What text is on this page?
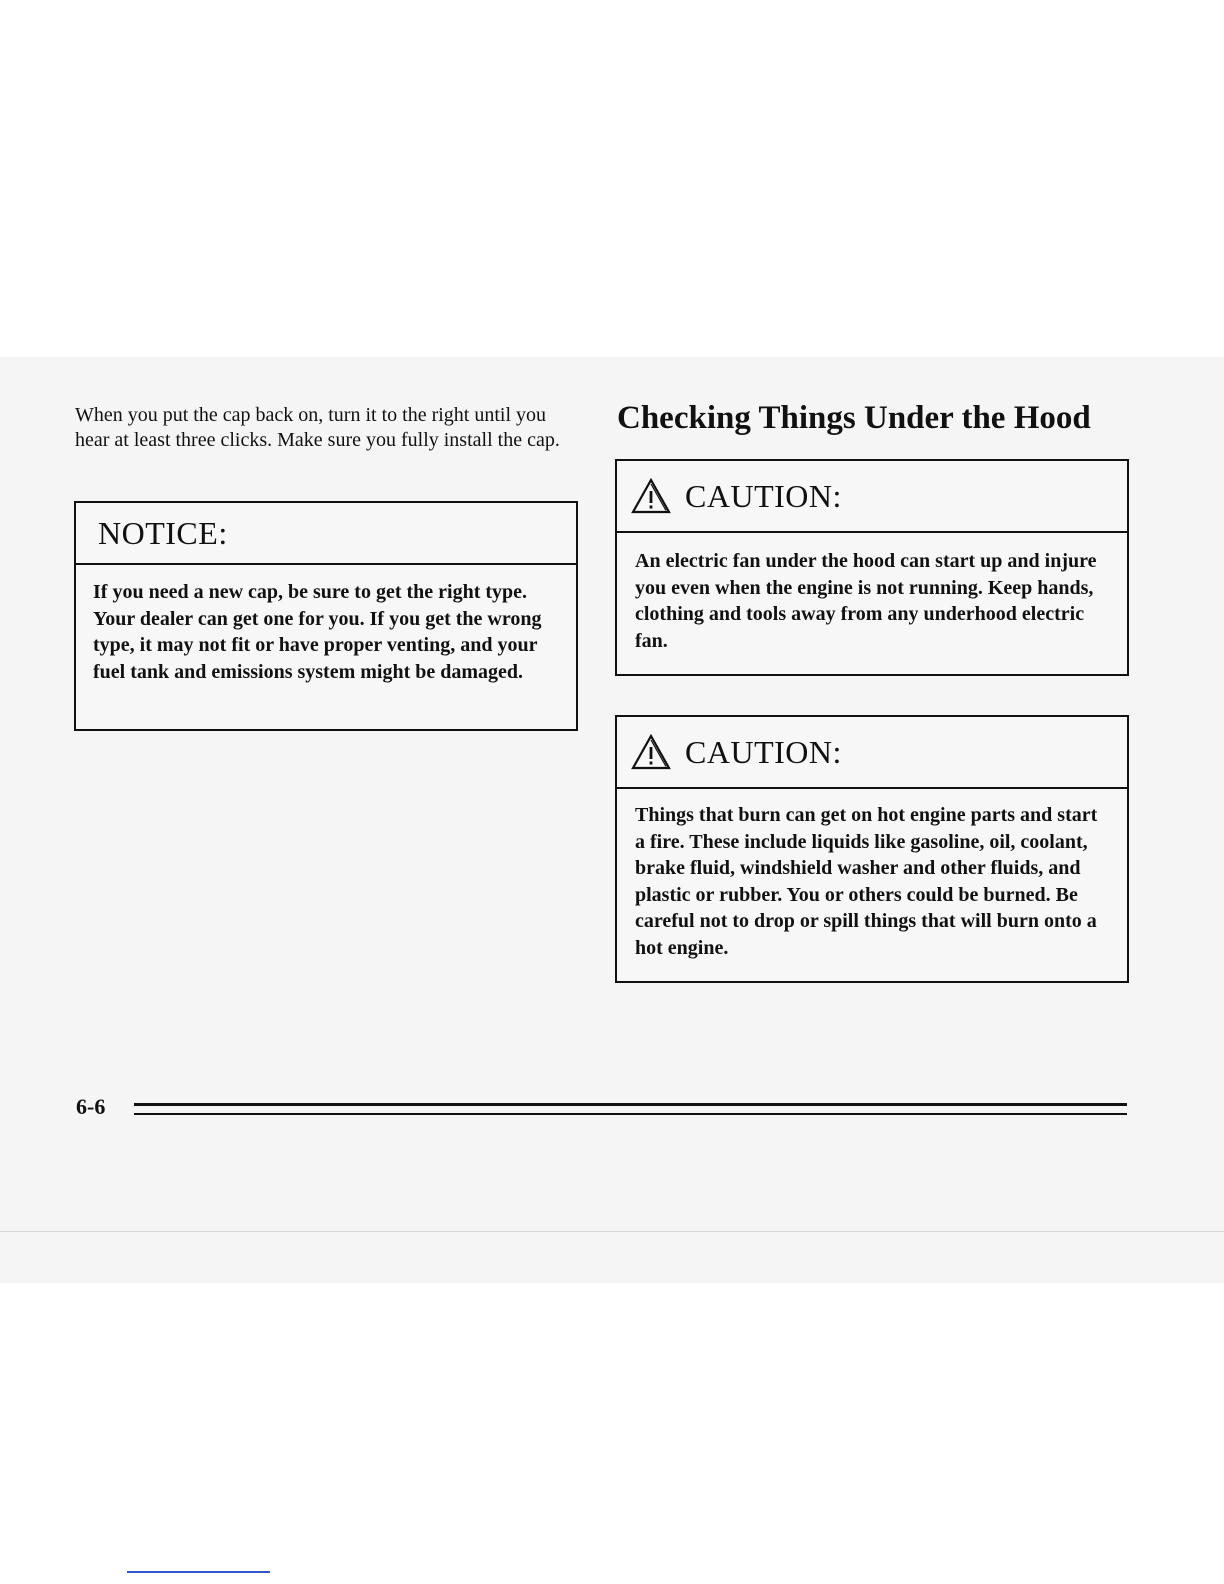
When you put the cap back on, turn it to the right until you hear at least three clicks. Make sure you fully install the cap.

NOTICE:

If you need a new cap, be sure to get the right type. Your dealer can get one for you. If you get the wrong type, it may not fit or have proper venting, and your fuel tank and emissions system might be damaged.

Checking Things Under the Hood
CAUTION:

An electric fan under the hood can start up and injure you even when the engine is not running. Keep hands, clothing and tools away from any underhood electric fan.

CAUTION:

Things that burn can get on hot engine parts and start a fire. These include liquids like gasoline, oil, coolant, brake fluid, windshield washer and other fluids, and plastic or rubber. You or others could be burned. Be careful not to drop or spill things that will burn onto a hot engine.

6-6
